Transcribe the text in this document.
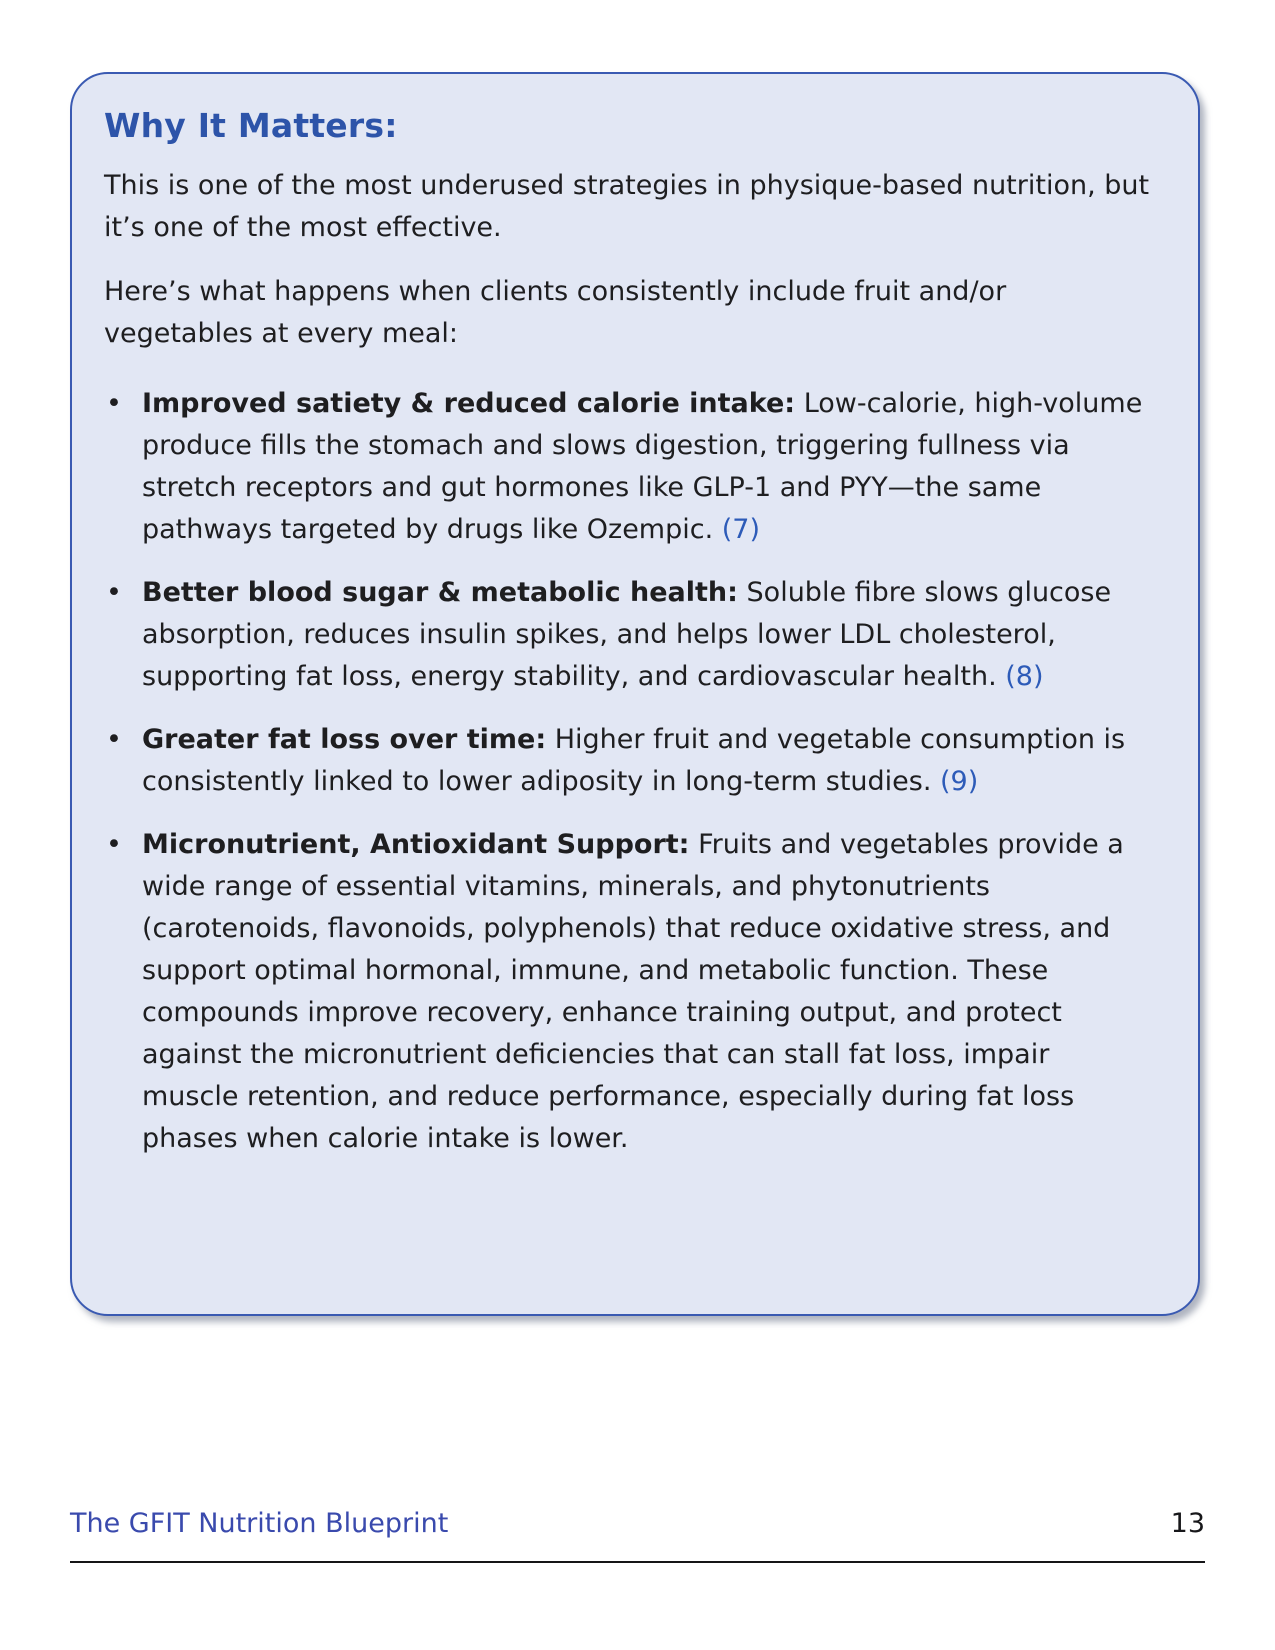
Why It Matters:

This is one of the most underused strategies in physique-based nutrition, but it’s one of the most effective.

Here’s what happens when clients consistently include fruit and/or vegetables at every meal:

• Improved satiety & reduced calorie intake: Low-calorie, high-volume produce fills the stomach and slows digestion, triggering fullness via stretch receptors and gut hormones like GLP-1 and PYY—the same pathways targeted by drugs like Ozempic. (7)
• Better blood sugar & metabolic health: Soluble fibre slows glucose absorption, reduces insulin spikes, and helps lower LDL cholesterol, supporting fat loss, energy stability, and cardiovascular health. (8)
• Greater fat loss over time: Higher fruit and vegetable consumption is consistently linked to lower adiposity in long-term studies. (9)
• Micronutrient, Antioxidant Support: Fruits and vegetables provide a wide range of essential vitamins, minerals, and phytonutrients (carotenoids, flavonoids, polyphenols) that reduce oxidative stress, and support optimal hormonal, immune, and metabolic function. These compounds improve recovery, enhance training output, and protect against the micronutrient deficiencies that can stall fat loss, impair muscle retention, and reduce performance, especially during fat loss phases when calorie intake is lower.
The GFIT Nutrition Blueprint	13
